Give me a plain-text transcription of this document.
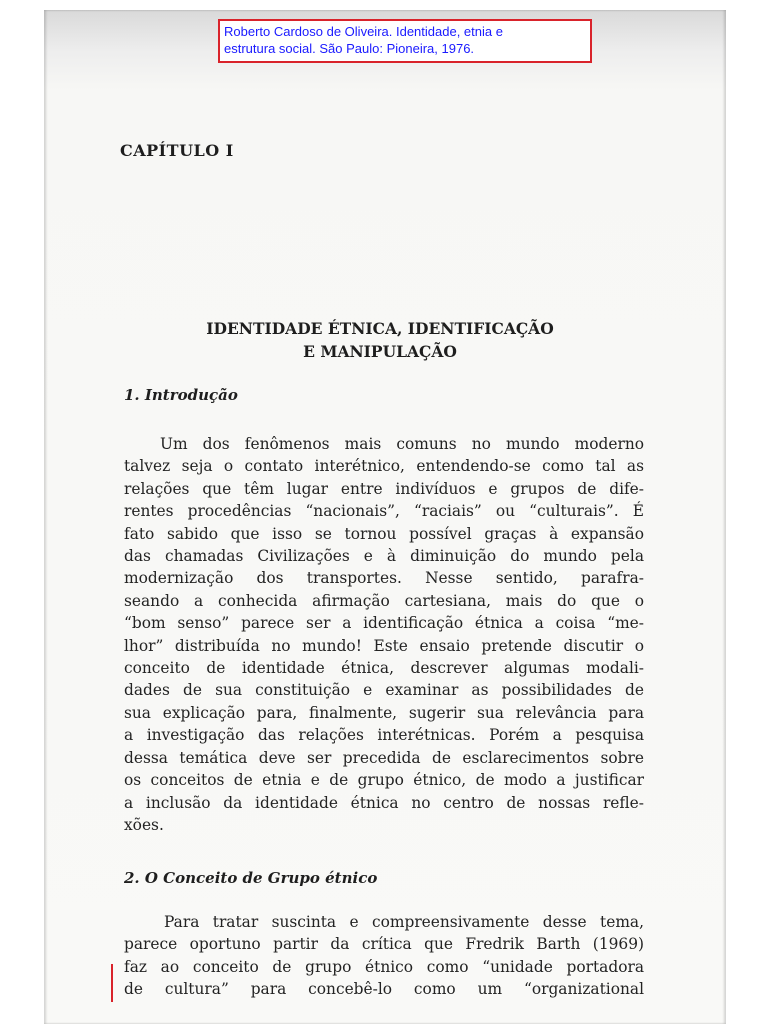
Roberto Cardoso de Oliveira. Identidade, etnia e
estrutura social. São Paulo: Pioneira, 1976.
CAPÍTULO I
IDENTIDADE ÉTNICA, IDENTIFICAÇÃO
E MANIPULAÇÃO
1. Introdução
Um dos fenômenos mais comuns no mundo moderno
talvez seja o contato interétnico, entendendo-se como tal as
relações que têm lugar entre indivíduos e grupos de dife-
rentes procedências “nacionais”, “raciais” ou “culturais”. É
fato sabido que isso se tornou possível graças à expansão
das chamadas Civilizações e à diminuição do mundo pela
modernização dos transportes. Nesse sentido, parafra-
seando a conhecida afirmação cartesiana, mais do que o
“bom senso” parece ser a identificação étnica a coisa “me-
lhor” distribuída no mundo! Este ensaio pretende discutir o
conceito de identidade étnica, descrever algumas modali-
dades de sua constituição e examinar as possibilidades de
sua explicação para, finalmente, sugerir sua relevância para
a investigação das relações interétnicas. Porém a pesquisa
dessa temática deve ser precedida de esclarecimentos sobre
os conceitos de etnia e de grupo étnico, de modo a justificar
a inclusão da identidade étnica no centro de nossas refle-
xões.
2. O Conceito de Grupo étnico
Para tratar suscinta e compreensivamente desse tema,
parece oportuno partir da crítica que Fredrik Barth (1969)
faz ao conceito de grupo étnico como “unidade portadora
de cultura” para concebê-lo como um “organizational
